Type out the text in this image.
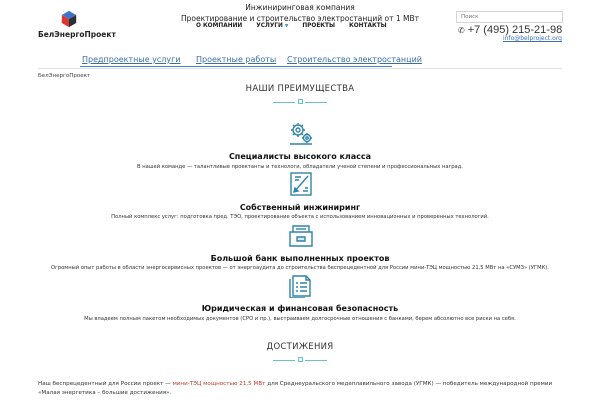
БелЭнергоПроект
Инжиниринговая компания
Проектирование и строительство электростанций от 1 МВт
О КОМПАНИИ УСЛУГИ ▼ ПРОЕКТЫ КОНТАКТЫ
Поиск	✆ +7 (495) 215-21-98
info@belproject.org
Предпроектные услуги Проектные работы Строительство электростанций
БелЭнергоПроект
НАШИ ПРЕИМУЩЕСТВА
Специалисты высокого класса
В нашей команде — талантливые проектанты и технологи, обладатели ученой степени и профессиональных наград.
Собственный инжиниринг
Полный комплекс услуг: подготовка пред. ТЭО, проектирование объекта с использованием инновационных и проверенных технологий.
Большой банк выполненных проектов
Огромный опыт работы в области энергосервисных проектов — от энергоаудита до строительства беспрецедентной для России мини-ТЭЦ мощностью 21,5 МВт на «СУМЗ» (УГМК).
Юридическая и финансовая безопасность
Мы владеем полным пакетом необходимых документов (СРО и пр.), выстраиваем долгосрочные отношения с банками, берем абсолютно все риски на себя.
ДОСТИЖЕНИЯ
Наш беспрецедентный для России проект — мини-ТЭЦ мощностью 21,5 МВт для Среднеуральского медеплавильного завода (УГМК) — победитель международной премии «Малая энергетика – большие достижения».
